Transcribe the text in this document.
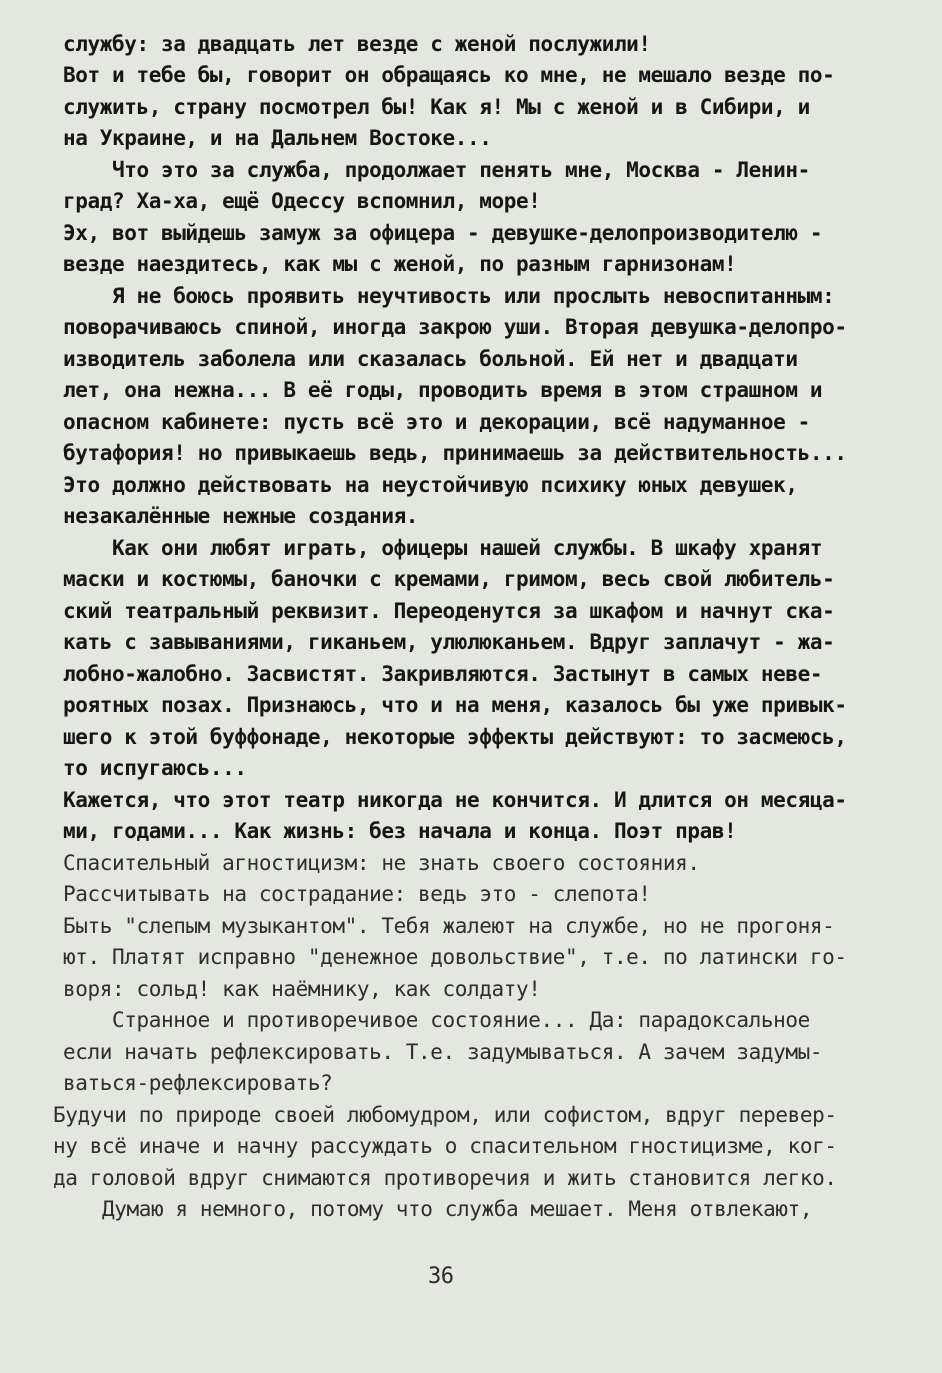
службу: за двадцать лет везде с женой послужили!

Вот и тебе бы, говорит он обращаясь ко мне, не мешало везде по-

служить, страну посмотрел бы! Как я! Мы с женой и в Сибири, и

на Украине, и на Дальнем Востоке...

Что это за служба, продолжает пенять мне, Москва - Ленин-

град? Ха-ха, ещё Одессу вспомнил, море!

Эх, вот выйдешь замуж за офицера - девушке-делопроизводителю -

везде наездитесь, как мы с женой, по разным гарнизонам!

Я не боюсь проявить неучтивость или прослыть невоспитанным:

поворачиваюсь спиной, иногда закрою уши. Вторая девушка-делопро-

изводитель заболела или сказалась больной. Ей нет и двадцати

лет, она нежна... В её годы, проводить время в этом страшном и

опасном кабинете: пусть всё это и декорации, всё надуманное -

бутафория! но привыкаешь ведь, принимаешь за действительность...

Это должно действовать на неустойчивую психику юных девушек,

незакалённые нежные создания.

Как они любят играть, офицеры нашей службы. В шкафу хранят

маски и костюмы, баночки с кремами, гримом, весь свой любитель-

ский театральный реквизит. Переоденутся за шкафом и начнут ска-

кать с завываниями, гиканьем, улюлюканьем. Вдруг заплачут - жа-

лобно-жалобно. Засвистят. Закривляются. Застынут в самых неве-

роятных позах. Признаюсь, что и на меня, казалось бы уже привык-

шего к этой буффонаде, некоторые эффекты действуют: то засмеюсь,

то испугаюсь...

Кажется, что этот театр никогда не кончится. И длится он месяца-

ми, годами... Как жизнь: без начала и конца. Поэт прав!

Спасительный агностицизм: не знать своего состояния.

Рассчитывать на сострадание: ведь это - слепота!

Быть "слепым музыкантом". Тебя жалеют на службе, но не прогоня-

ют. Платят исправно "денежное довольствие", т.е. по латински го-

воря: сольд! как наёмнику, как солдату!

Странное и противоречивое состояние... Да: парадоксальное

если начать рефлексировать. Т.е. задумываться. А зачем задумы-

ваться-рефлексировать?

Будучи по природе своей любомудром, или софистом, вдруг перевер-

ну всё иначе и начну рассуждать о спасительном гностицизме, ког-

да головой вдруг снимаются противоречия и жить становится легко.

Думаю я немного, потому что служба мешает. Меня отвлекают,

36
